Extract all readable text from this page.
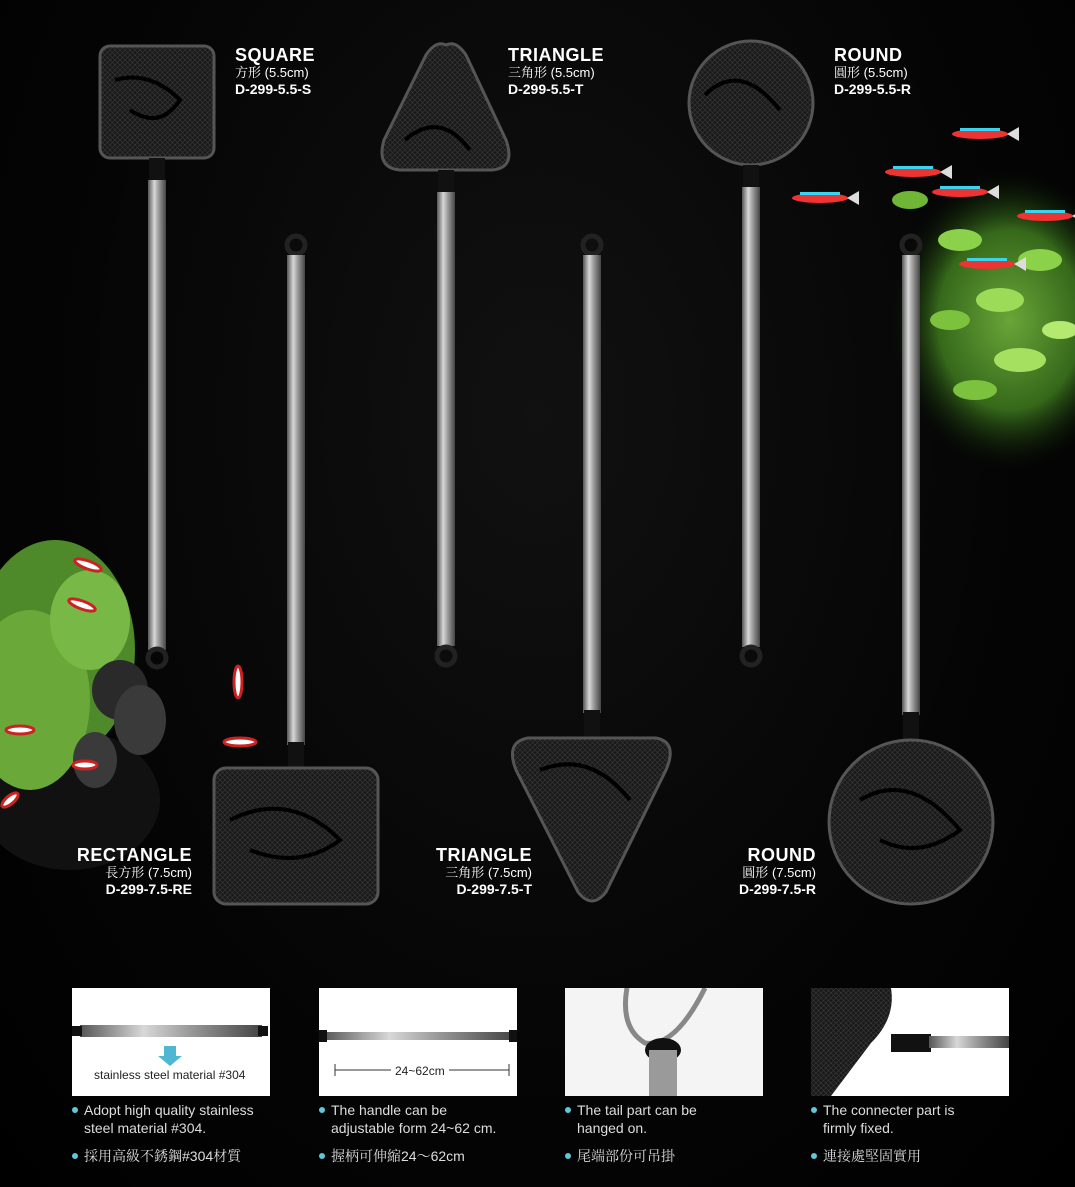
SQUARE
方形 (5.5cm)
D-299-5.5-S
TRIANGLE
三角形 (5.5cm)
D-299-5.5-T
ROUND
圓形 (5.5cm)
D-299-5.5-R
RECTANGLE
長方形 (7.5cm)
D-299-7.5-RE
TRIANGLE
三角形 (7.5cm)
D-299-7.5-T
ROUND
圓形 (7.5cm)
D-299-7.5-R
stainless steel material #304
Adopt high quality stainless
steel material #304.
採用高級不銹鋼#304材質
24~62cm
The handle can be
adjustable form 24~62 cm.
握柄可伸縮24～62cm
The tail part can be
hanged on.
尾端部份可吊掛
The connecter part is
firmly fixed.
連接處堅固實用
